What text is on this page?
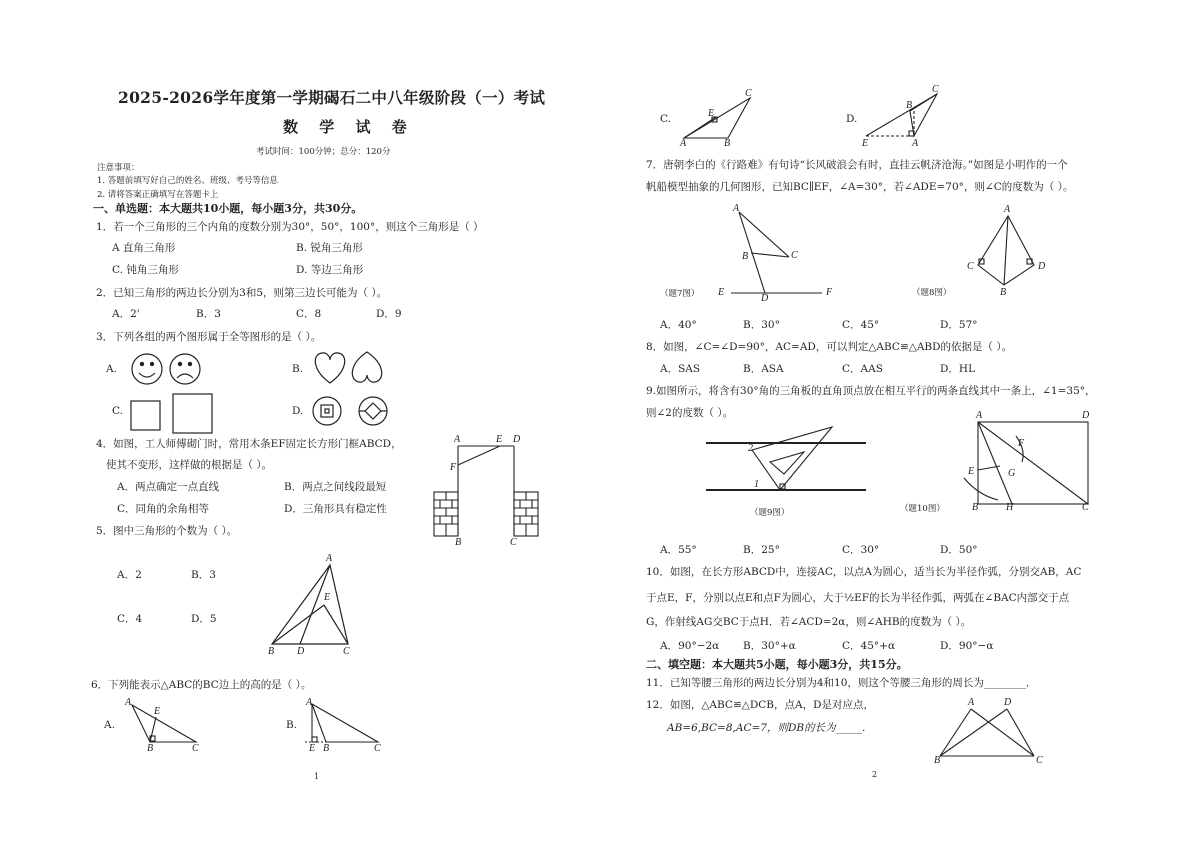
2025-2026学年度第一学期碣石二中八年级阶段（一）考试
数 学 试 卷
考试时间：100分钟；总分：120分
注意事项：
1. 答题前填写好自己的姓名、班级、考号等信息
2. 请将答案正确填写在答题卡上
一、单选题：本大题共10小题，每小题3分，共30分。
1．若一个三角形的三个内角的度数分别为30°，50°，100°，则这个三角形是（ ）
A 直角三角形	B. 锐角三角形
C. 钝角三角形	D. 等边三角形
2．已知三角形的两边长分别为3和5，则第三边长可能为（ ）。
A．2'	B．3	C．8	D．9
3．下列各组的两个图形属于全等图形的是（ ）。
A.	B.
C.	D.
4．如图，工人师傅砌门时，常用木条EF固定长方形门框ABCD，
使其不变形，这样做的根据是（ ）。
A．两点确定一点直线	B．两点之间线段最短
C．同角的余角相等	D．三角形具有稳定性
A	E D
F
B	C
5．图中三角形的个数为（ ）。
A．2	B．3
C．4	D．5
A
E
B D	C
6．下列能表示△ABC的BC边上的高的是（ ）。
A.	B.
A
E
B	C
A
E B	C
1
C.	D.
C
E
A	B
C
B
E	A
7．唐朝李白的《行路难》有句诗“长风破浪会有时，直挂云帆济沧海。”如图是小明作的一个
帆船模型抽象的几何图形，已知BC∥EF，∠A=30°，若∠ADE=70°，则∠C的度数为（ ）。
A
B	C
E
D
F
（题7图）
A
C	D
B
（题8图）
A．40°	B．30°	C．45°	D．57°
8．如图，∠C=∠D=90°，AC=AD，可以判定△ABC≌△ABD的依据是（ ）。
A．SAS	B．ASA	C．AAS	D．HL
9.如图所示，将含有30°角的三角板的直角顶点放在相互平行的两条直线其中一条上，∠1=35°，
则∠2的度数（ ）。
2
1
（题9图）
A	D
F
E	G
B	H	C
（题10图）
A．55°	B．25°	C．30°	D．50°
10．如图，在长方形ABCD中，连接AC，以点A为圆心，适当长为半径作弧，分别交AB，AC
于点E，F，分别以点E和点F为圆心，大于½EF的长为半径作弧，两弧在∠BAC内部交于点
G，作射线AG交BC于点H．若∠ACD=2α，则∠AHB的度数为（ ）。
A．90°−2α B．30°+α	C．45°+α	D．90°−α
二、填空题：本大题共5小题，每小题3分，共15分。
11．已知等腰三角形的两边长分别为4和10，则这个等腰三角形的周长为________．
12．如图，△ABC≌△DCB，点A，D是对应点，
AB=6,BC=8,AC=7，则DB的长为_____．
A	D
B	C
2
